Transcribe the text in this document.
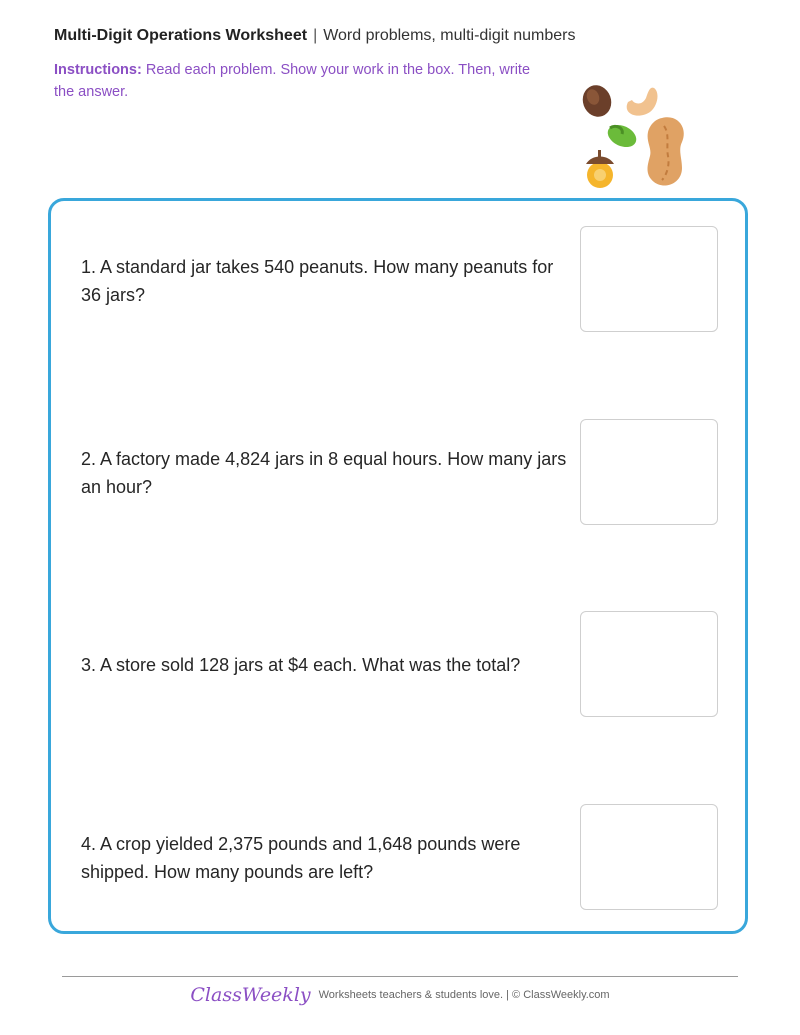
Multi-Digit Operations Worksheet | Word problems, multi-digit numbers
Instructions: Read each problem. Show your work in the box. Then, write the answer.
1. A standard jar takes 540 peanuts. How many peanuts for 36 jars?
2. A factory made 4,824 jars in 8 equal hours. How many jars an hour?
3. A store sold 128 jars at $4 each. What was the total?
4. A crop yielded 2,375 pounds and 1,648 pounds were shipped. How many pounds are left?
ClassWeekly Worksheets teachers & students love. | © ClassWeekly.com
